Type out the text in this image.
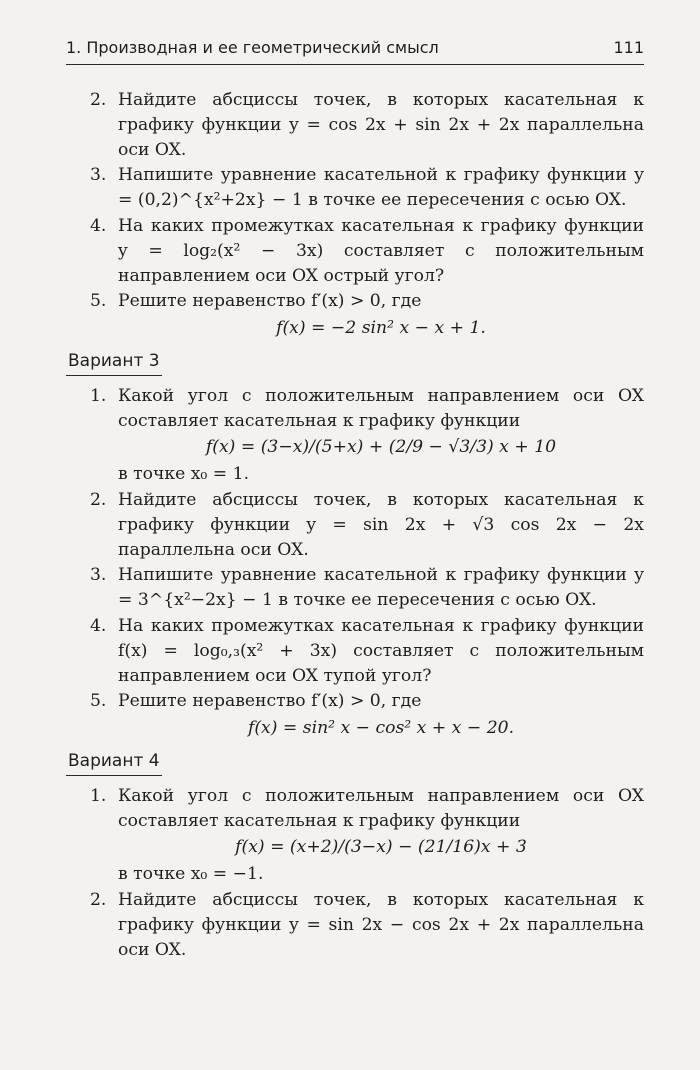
1. Производная и ее геометрический смысл	111
2. Найдите абсциссы точек, в которых касательная к графику функции y = cos 2x + sin 2x + 2x параллельна оси OX.
3. Напишите уравнение касательной к графику функции y = (0,2)^{x²+2x} − 1 в точке ее пересечения с осью OX.
4. На каких промежутках касательная к графику функции y = log₂(x² − 3x) составляет с положительным направлением оси OX острый угол?
5. Решите неравенство f′(x) > 0, где
f(x) = −2 sin² x − x + 1.
Вариант 3
1. Какой угол с положительным направлением оси OX составляет касательная к графику функции
f(x) = (3−x)/(5+x) + (2/9 − √3/3) x + 10
в точке x₀ = 1.
2. Найдите абсциссы точек, в которых касательная к графику функции y = sin 2x + √3 cos 2x − 2x параллельна оси OX.
3. Напишите уравнение касательной к графику функции y = 3^{x²−2x} − 1 в точке ее пересечения с осью OX.
4. На каких промежутках касательная к графику функции f(x) = log₀,₃(x² + 3x) составляет с положительным направлением оси OX тупой угол?
5. Решите неравенство f′(x) > 0, где
f(x) = sin² x − cos² x + x − 20.
Вариант 4
1. Какой угол с положительным направлением оси OX составляет касательная к графику функции
f(x) = (x+2)/(3−x) − (21/16)x + 3
в точке x₀ = −1.
2. Найдите абсциссы точек, в которых касательная к графику функции y = sin 2x − cos 2x + 2x параллельна оси OX.
